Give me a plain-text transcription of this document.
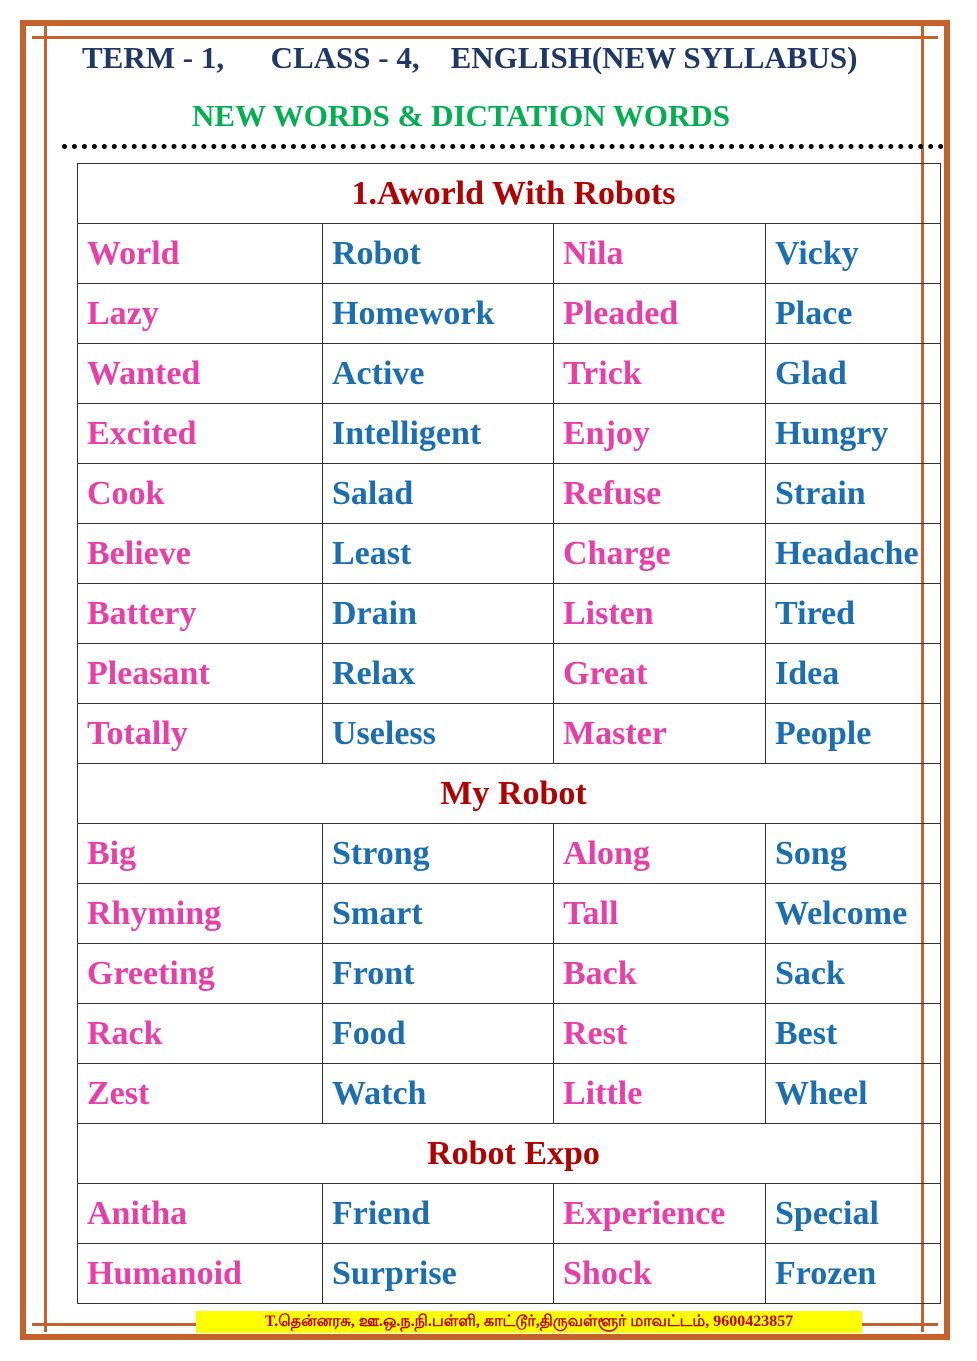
TERM - 1,      CLASS - 4,    ENGLISH(NEW SYLLABUS)
NEW WORDS & DICTATION WORDS
1.Aworld With Robots			
World	Robot	Nila	Vicky
Lazy	Homework	Pleaded	Place
Wanted	Active	Trick	Glad
Excited	Intelligent	Enjoy	Hungry
Cook	Salad	Refuse	Strain
Believe	Least	Charge	Headache
Battery	Drain	Listen	Tired
Pleasant	Relax	Great	Idea
Totally	Useless	Master	People
My Robot			
Big	Strong	Along	Song
Rhyming	Smart	Tall	Welcome
Greeting	Front	Back	Sack
Rack	Food	Rest	Best
Zest	Watch	Little	Wheel
Robot Expo			
Anitha	Friend	Experience	Special
Humanoid	Surprise	Shock	Frozen
T.தென்னரசு, ஊ.ஒ.ந.நி.பள்ளி, காட்டூர்,திருவள்ளூர் மாவட்டம், 9600423857
